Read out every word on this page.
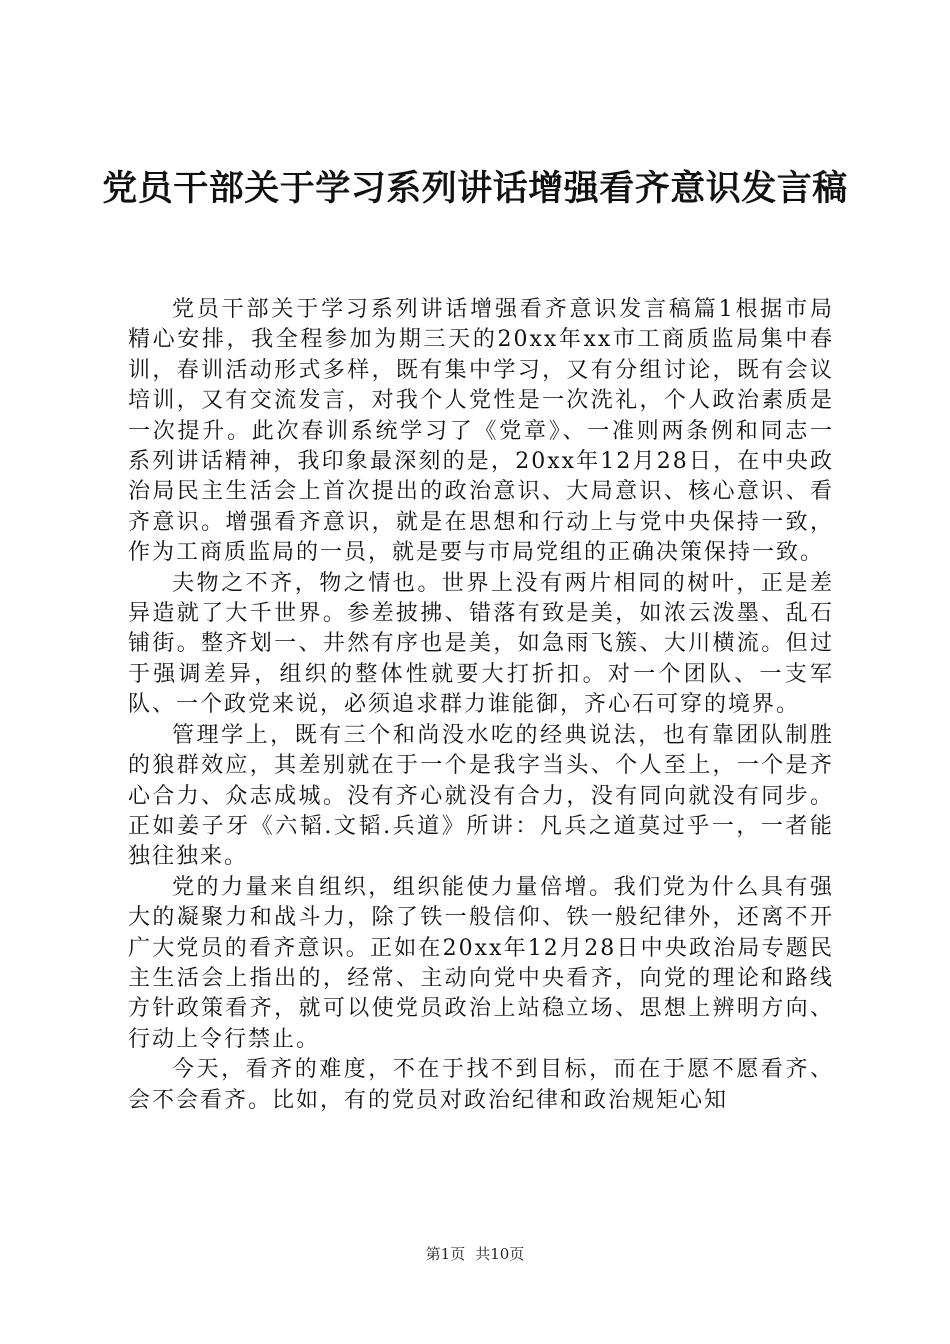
党员干部关于学习系列讲话增强看齐意识发言稿

党员干部关于学习系列讲话增强看齐意识发言稿篇1根据市局精心安排，我全程参加为期三天的20xx年xx市工商质监局集中春训，春训活动形式多样，既有集中学习，又有分组讨论，既有会议培训，又有交流发言，对我个人党性是一次洗礼，个人政治素质是一次提升。此次春训系统学习了《党章》、一准则两条例和同志一系列讲话精神，我印象最深刻的是，20xx年12月28日，在中央政治局民主生活会上首次提出的政治意识、大局意识、核心意识、看齐意识。增强看齐意识，就是在思想和行动上与党中央保持一致，作为工商质监局的一员，就是要与市局党组的正确决策保持一致。

夫物之不齐，物之情也。世界上没有两片相同的树叶，正是差异造就了大千世界。参差披拂、错落有致是美，如浓云泼墨、乱石铺街。整齐划一、井然有序也是美，如急雨飞簇、大川横流。但过于强调差异，组织的整体性就要大打折扣。对一个团队、一支军队、一个政党来说，必须追求群力谁能御，齐心石可穿的境界。

管理学上，既有三个和尚没水吃的经典说法，也有靠团队制胜的狼群效应，其差别就在于一个是我字当头、个人至上，一个是齐心合力、众志成城。没有齐心就没有合力，没有同向就没有同步。正如姜子牙《六韬.文韬.兵道》所讲：凡兵之道莫过乎一，一者能独往独来。

党的力量来自组织，组织能使力量倍增。我们党为什么具有强大的凝聚力和战斗力，除了铁一般信仰、铁一般纪律外，还离不开广大党员的看齐意识。正如在20xx年12月28日中央政治局专题民主生活会上指出的，经常、主动向党中央看齐，向党的理论和路线方针政策看齐，就可以使党员政治上站稳立场、思想上辨明方向、行动上令行禁止。

今天，看齐的难度，不在于找不到目标，而在于愿不愿看齐、会不会看齐。比如，有的党员对政治纪律和政治规矩心知

第1页 共10页
